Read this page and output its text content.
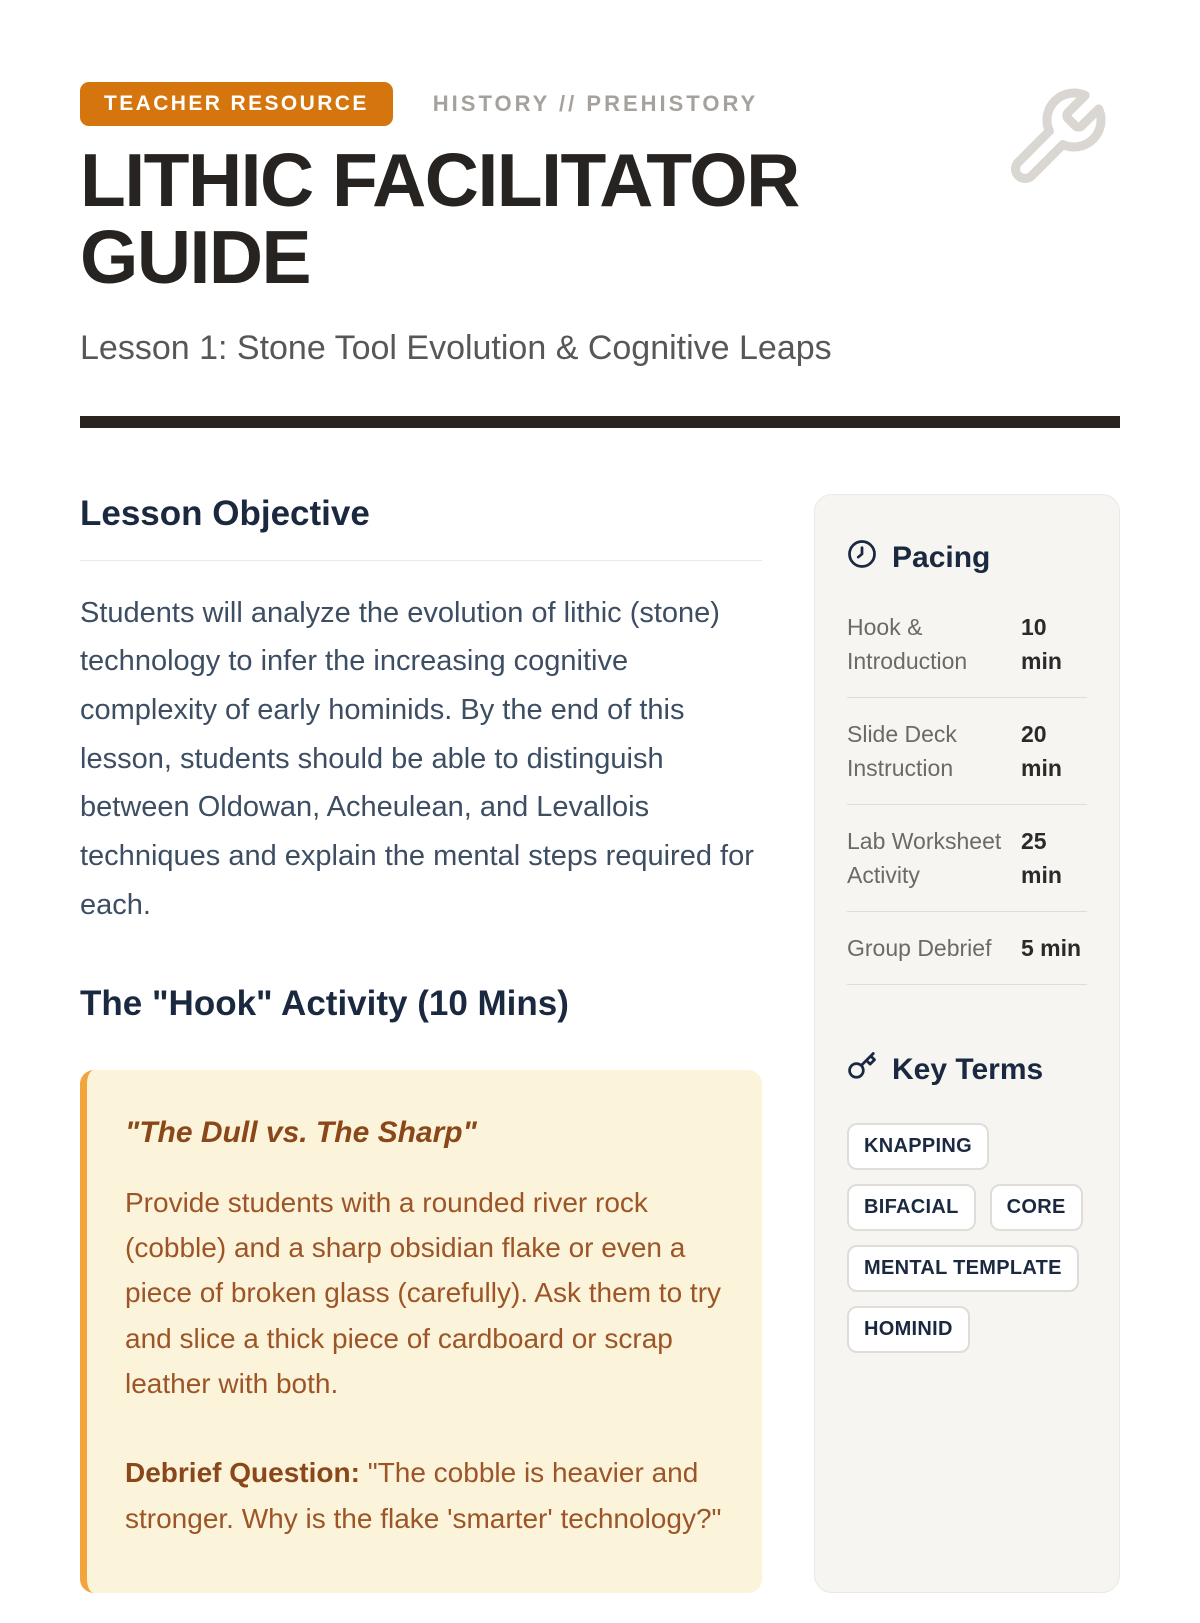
TEACHER RESOURCE	HISTORY // PREHISTORY
LITHIC FACILITATOR
GUIDE
Lesson 1: Stone Tool Evolution & Cognitive Leaps
Lesson Objective

Students will analyze the evolution of lithic (stone) technology to infer the increasing cognitive complexity of early hominids. By the end of this lesson, students should be able to distinguish between Oldowan, Acheulean, and Levallois techniques and explain the mental steps required for each.

The "Hook" Activity (10 Mins)
"The Dull vs. The Sharp"

Provide students with a rounded river rock (cobble) and a sharp obsidian flake or even a piece of broken glass (carefully). Ask them to try and slice a thick piece of cardboard or scrap leather with both.

Debrief Question: "The cobble is heavier and stronger. Why is the flake 'smarter' technology?"

Pacing
Hook & Introduction
10 min
Slide Deck Instruction
20 min
Lab Worksheet Activity
25 min
Group Debrief 5 min
Key Terms
KNAPPING
BIFACIAL	CORE
MENTAL TEMPLATE
HOMINID
